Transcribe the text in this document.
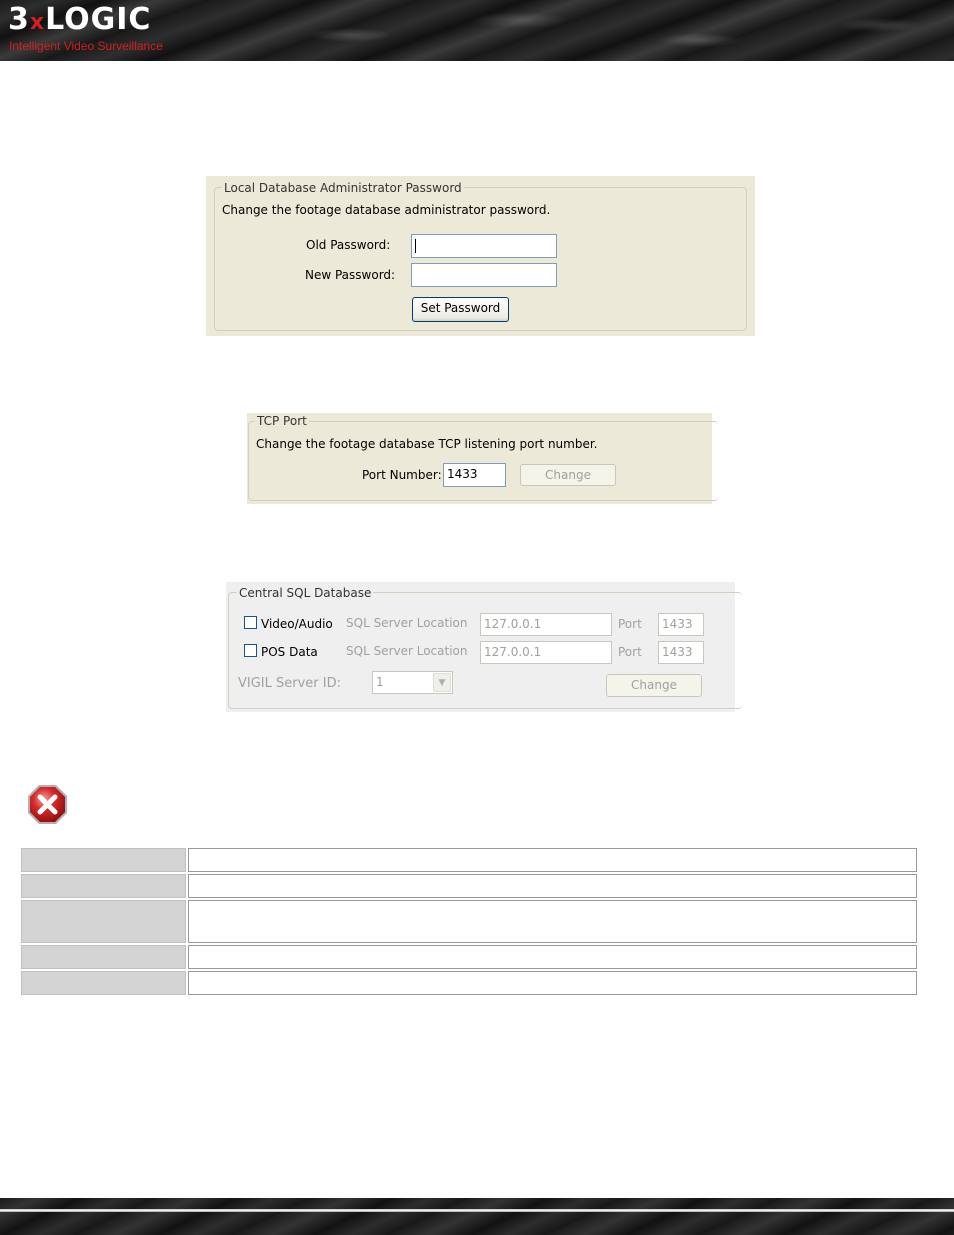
3xLOGIC
Intelligent Video Surveillance
Local Database Administrator Password
Change the footage database administrator password.
Old Password:
New Password:
Set Password
TCP Port
Change the footage database TCP listening port number.
Port Number: 1433	Change
Central SQL Database
Video/Audio SQL Server Location	127.0.0.1	Port	1433
POS Data SQL Server Location	127.0.0.1	Port	1433
VIGIL Server ID:	1	▼	Change
